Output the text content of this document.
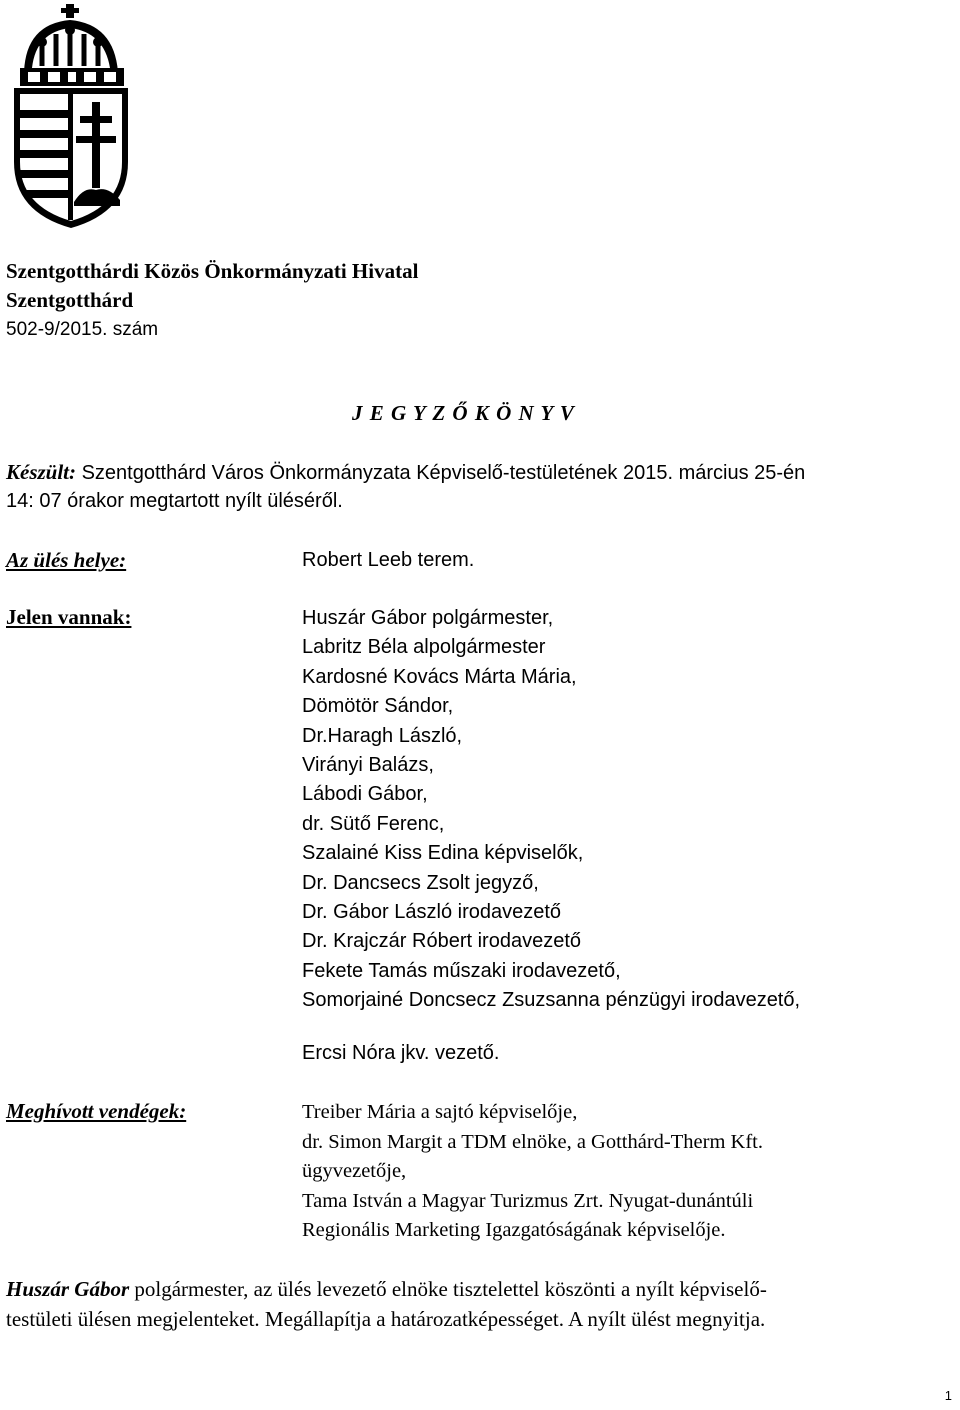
Szentgotthárdi Közös Önkormányzati Hivatal
Szentgotthárd
502-9/2015. szám
J E G Y Z Ő K Ö N Y V
Készült: Szentgotthárd Város Önkormányzata Képviselő-testületének 2015. március 25-én
14: 07 órakor megtartott nyílt üléséről.
Az ülés helye:	Robert Leeb terem.
Jelen vannak:	Huszár Gábor polgármester,
Labritz Béla alpolgármester
Kardosné Kovács Márta Mária,
Dömötör Sándor,
Dr.Haragh László,
Virányi Balázs,
Lábodi Gábor,
dr. Sütő Ferenc,
Szalainé Kiss Edina képviselők,
Dr. Dancsecs Zsolt jegyző,
Dr. Gábor László irodavezető
Dr. Krajczár Róbert irodavezető
Fekete Tamás műszaki irodavezető,
Somorjainé Doncsecz Zsuzsanna pénzügyi irodavezető,
Ercsi Nóra jkv. vezető.
Meghívott vendégek:	Treiber Mária a sajtó képviselője,
dr. Simon Margit a TDM elnöke, a Gotthárd-Therm Kft.
ügyvezetője,
Tama István a Magyar Turizmus Zrt. Nyugat-dunántúli
Regionális Marketing Igazgatóságának képviselője.
Huszár Gábor polgármester, az ülés levezető elnöke tisztelettel köszönti a nyílt képviselő-
testületi ülésen megjelenteket. Megállapítja a határozatképességet. A nyílt ülést megnyitja.
1
